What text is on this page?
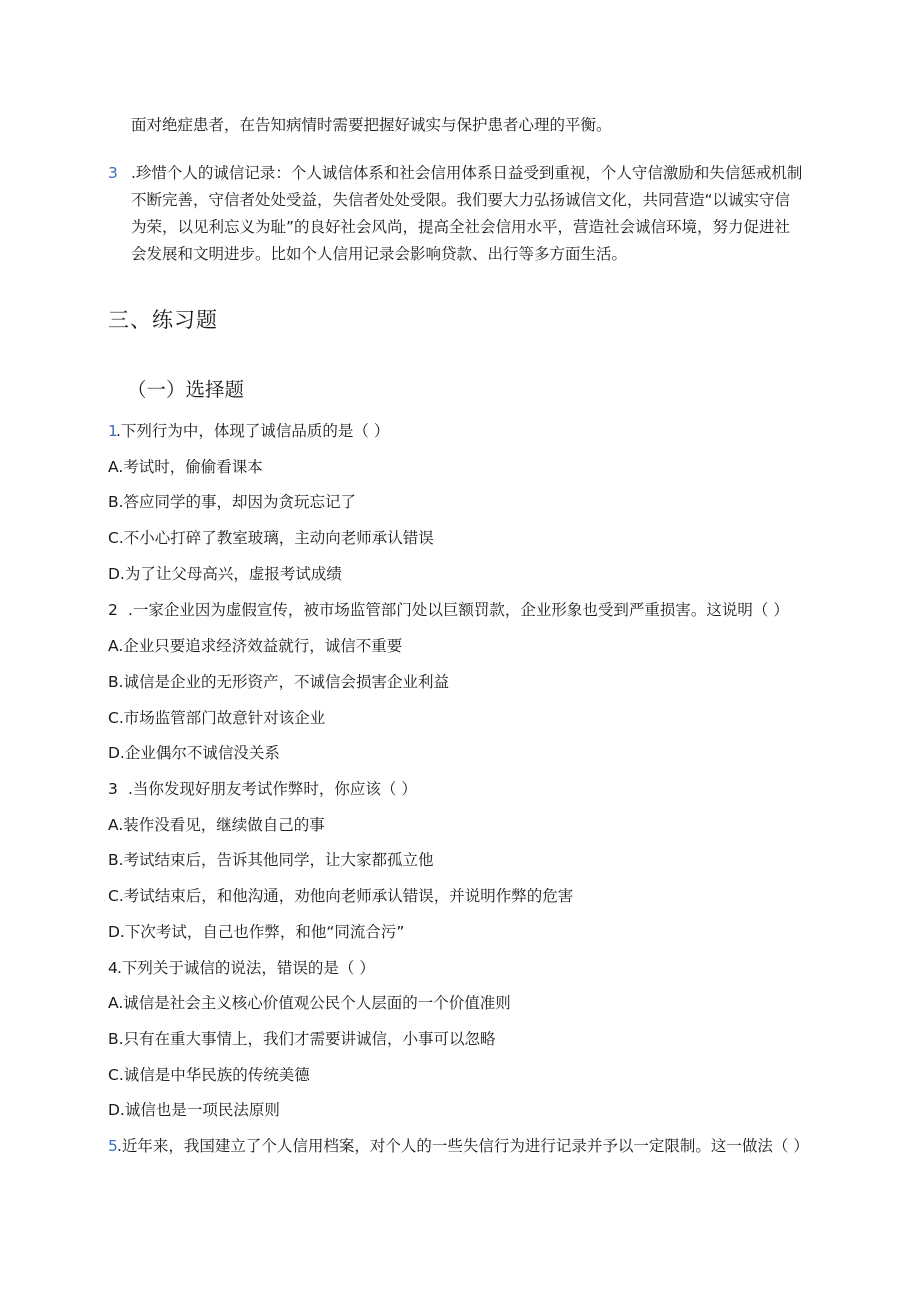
面对绝症患者，在告知病情时需要把握好诚实与保护患者心理的平衡。
3 .珍惜个人的诚信记录：个人诚信体系和社会信用体系日益受到重视，个人守信激励和失信惩戒机制
不断完善，守信者处处受益，失信者处处受限。我们要大力弘扬诚信文化，共同营造“以诚实守信
为荣，以见利忘义为耻”的良好社会风尚，提高全社会信用水平，营造社会诚信环境，努力促进社
会发展和文明进步。比如个人信用记录会影响贷款、出行等多方面生活。
三、练习题
（一）选择题
1
.下列行为中，体现了诚信品质的是（ ）
A.考试时，偷偷看课本
B.答应同学的事，却因为贪玩忘记了
C.不小心打碎了教室玻璃，主动向老师承认错误
D.为了让父母高兴，虚报考试成绩
2 .一家企业因为虚假宣传，被市场监管部门处以巨额罚款，企业形象也受到严重损害。这说明（ ）
A.企业只要追求经济效益就行，诚信不重要
B.诚信是企业的无形资产，不诚信会损害企业利益
C.市场监管部门故意针对该企业
D.企业偶尔不诚信没关系
3 .当你发现好朋友考试作弊时，你应该（ ）
A.装作没看见，继续做自己的事
B.考试结束后，告诉其他同学，让大家都孤立他
C.考试结束后，和他沟通，劝他向老师承认错误，并说明作弊的危害
D.下次考试，自己也作弊，和他“同流合污”
4 .下列关于诚信的说法，错误的是（ ）
A.诚信是社会主义核心价值观公民个人层面的一个价值准则
B.只有在重大事情上，我们才需要讲诚信，小事可以忽略
C.诚信是中华民族的传统美德
D.诚信也是一项民法原则
5 .近年来，我国建立了个人信用档案，对个人的一些失信行为进行记录并予以一定限制。这一做法（ ）
